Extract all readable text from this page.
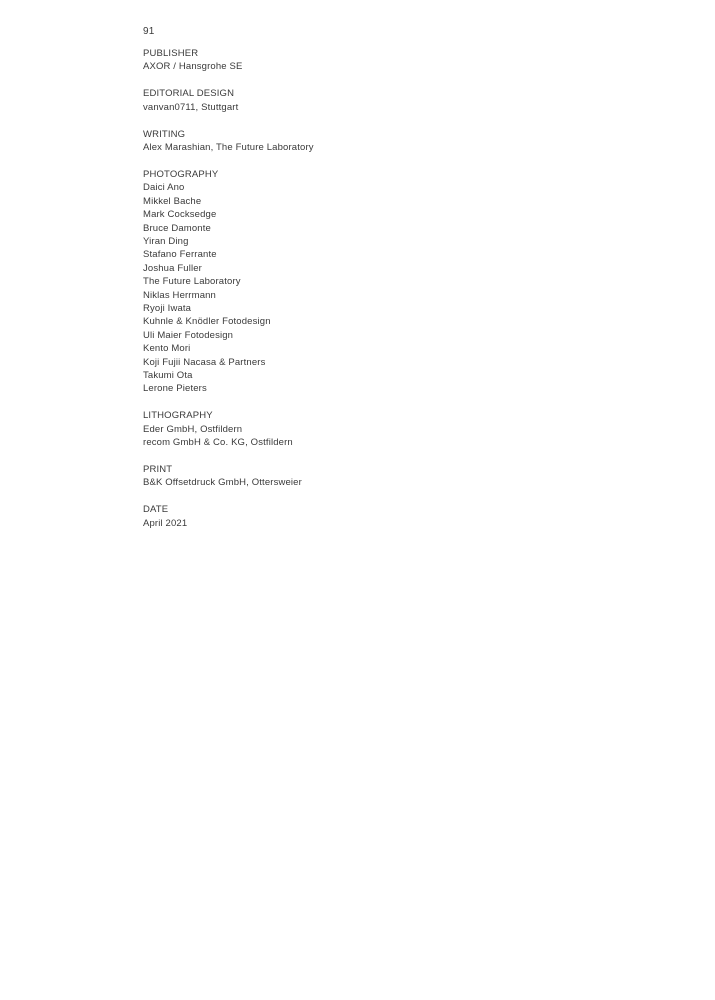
91
PUBLISHER
AXOR / Hansgrohe SE
EDITORIAL DESIGN
vanvan0711, Stuttgart
WRITING
Alex Marashian, The Future Laboratory
PHOTOGRAPHY
Daici Ano
Mikkel Bache
Mark Cocksedge
Bruce Damonte
Yiran Ding
Stafano Ferrante
Joshua Fuller
The Future Laboratory
Niklas Herrmann
Ryoji Iwata
Kuhnle & Knödler Fotodesign
Uli Maier Fotodesign
Kento Mori
Koji Fujii Nacasa & Partners
Takumi Ota
Lerone Pieters
LITHOGRAPHY
Eder GmbH, Ostfildern
recom GmbH & Co. KG, Ostfildern
PRINT
B&K Offsetdruck GmbH, Ottersweier
DATE
April 2021
